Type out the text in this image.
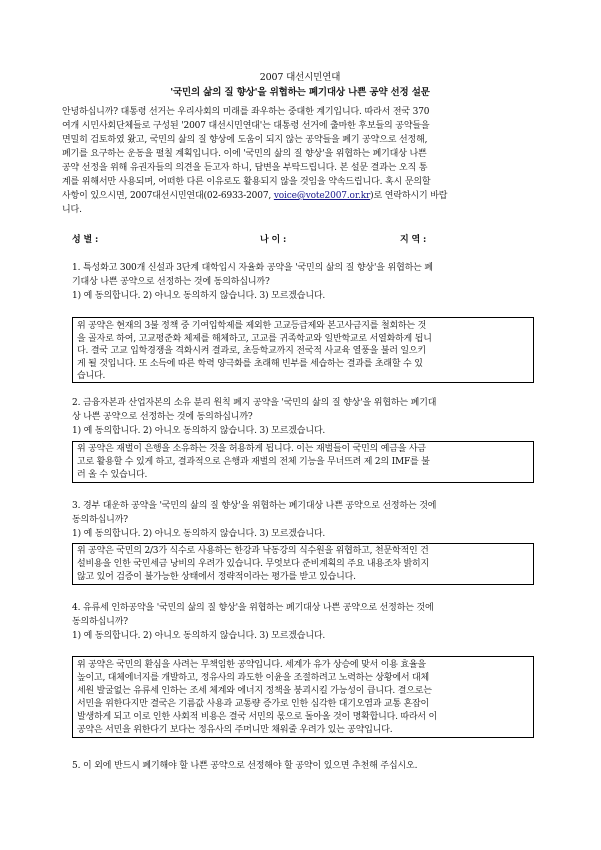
2007 대선시민연대
'국민의 삶의 질 향상'을 위협하는 폐기대상 나쁜 공약 선정 설문
안녕하십니까? 대통령 선거는 우리사회의 미래를 좌우하는 중대한 계기입니다. 따라서 전국 370
여개 시민사회단체들로 구성된 '2007 대선시민연대'는 대통령 선거에 출마한 후보들의 공약들을
면밀히 검토하였 왔고, 국민의 삶의 질 향상에 도움이 되지 않는 공약들을 폐기 공약으로 선정해,
폐기를 요구하는 운동을 펼칠 계획입니다. 이에 '국민의 삶의 질 향상'을 위협하는 폐기대상 나쁜
공약 선정을 위해 유권자들의 의견을 듣고자 하니, 답변을 부탁드립니다. 본 설문 결과는 오직 통
계를 위해서만 사용되며, 어떠한 다른 이유로도 활용되지 않을 것임을 약속드립니다. 혹시 문의할
사항이 있으시면, 2007대선시민연대(02-6933-2007, voice@vote2007.or.kr)로 연락하시기 바랍
니다.
성 별 :	나 이 :	지 역 :
1. 특성화고 300개 신설과 3단계 대학입시 자율화 공약을 '국민의 삶의 질 향상'을 위협하는 폐
기대상 나쁜 공약으로 선정하는 것에 동의하십니까?
1) 예 동의합니다. 2) 아니오 동의하지 않습니다. 3) 모르겠습니다.
위 공약은 현재의 3불 정책 중 기여입학제를 제외한 고교등급제와 본고사금지를 철회하는 것
을 골자로 하여, 고교평준화 체제를 해체하고, 고교를 귀족학교와 일반학교로 서열화하게 됩니
다. 결국 고교 입학경쟁을 격화시켜 결과로, 초등학교까지 전국적 사교육 열풍을 불러 일으키
게 될 것입니다. 또 소득에 따른 학력 양극화를 초래해 빈부를 세습하는 결과를 초래할 수 있
습니다.
2. 금융자본과 산업자본의 소유 분리 원칙 폐지 공약을 '국민의 삶의 질 향상'을 위협하는 폐기대
상 나쁜 공약으로 선정하는 것에 동의하십니까?
1) 예 동의합니다. 2) 아니오 동의하지 않습니다. 3) 모르겠습니다.
위 공약은 재벌이 은행을 소유하는 것을 허용하게 됩니다. 이는 재벌들이 국민의 예금을 사금
고로 활용할 수 있게 하고, 결과적으로 은행과 재벌의 전체 기능을 무너뜨려 제 2의 IMF를 불
러 올 수 있습니다.
3. 경부 대운하 공약을 '국민의 삶의 질 향상'을 위협하는 폐기대상 나쁜 공약으로 선정하는 것에
동의하십니까?
1) 예 동의합니다. 2) 아니오 동의하지 않습니다. 3) 모르겠습니다.
위 공약은 국민의 2/3가 식수로 사용하는 한강과 낙동강의 식수원을 위협하고, 천문학적인 건
설비용을 인한 국민세금 낭비의 우려가 있습니다. 무엇보다 준비계획의 주요 내용조차 밝히지
않고 있어 검증이 불가능한 상태에서 정략적이라는 평가를 받고 있습니다.
4. 유류세 인하공약을 '국민의 삶의 질 향상'을 위협하는 폐기대상 나쁜 공약으로 선정하는 것에
동의하십니까?
1) 예 동의합니다. 2) 아니오 동의하지 않습니다. 3) 모르겠습니다.
위 공약은 국민의 환심을 사려는 무책임한 공약입니다. 세계가 유가 상승에 맞서 이용 효율을
높이고, 대체에너지를 개발하고, 정유사의 과도한 이윤을 조절하려고 노력하는 상황에서 대체
세원 발굴없는 유류세 인하는 조세 체계와 에너지 정책을 붕괴시킬 가능성이 큽니다. 결으로는
서민을 위한다지만 결국은 기름값 사용과 교통량 증가로 인한 심각한 대기오염과 교통 혼잡이
발생하게 되고 이로 인한 사회적 비용은 결국 서민의 몫으로 돌아올 것이 명확합니다. 따라서 이
공약은 서민을 위한다기 보다는 정유사의 주머니만 채워줄 우려가 있는 공약입니다.
5. 이 외에 반드시 폐기해야 할 나쁜 공약으로 선정해야 할 공약이 있으면 추천해 주십시오.
